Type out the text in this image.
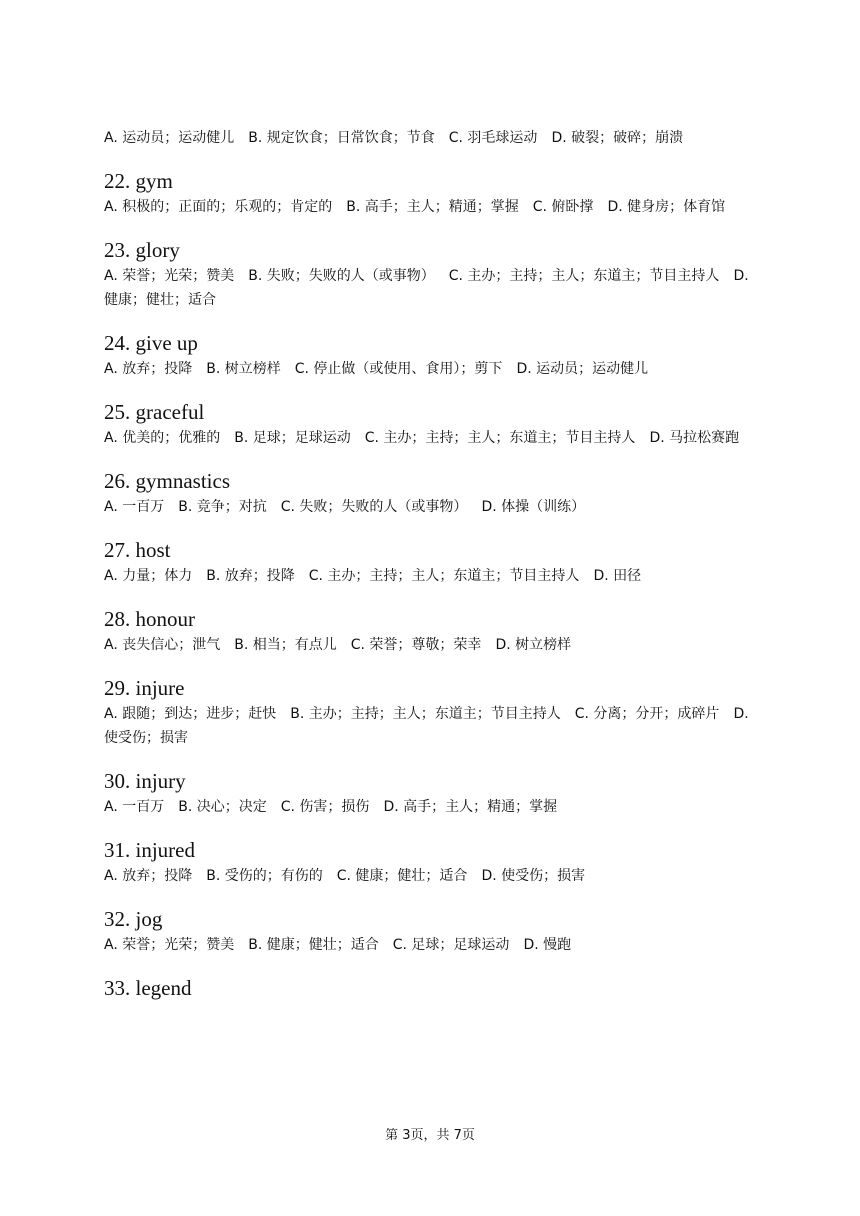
A. 运动员；运动健儿 B. 规定饮食；日常饮食；节食 C. 羽毛球运动 D. 破裂；破碎；崩溃

22. gym

A. 积极的；正面的；乐观的；肯定的 B. 高手；主人；精通；掌握 C. 俯卧撑 D. 健身房；体育馆

23. glory

A. 荣誉；光荣；赞美 B. 失败；失败的人（或事物） C. 主办；主持；主人；东道主；节目主持人 D. 健康；健壮；适合

24. give up

A. 放弃；投降 B. 树立榜样 C. 停止做（或使用、食用）；剪下 D. 运动员；运动健儿

25. graceful

A. 优美的；优雅的 B. 足球；足球运动 C. 主办；主持；主人；东道主；节目主持人 D. 马拉松赛跑

26. gymnastics

A. 一百万 B. 竞争；对抗 C. 失败；失败的人（或事物） D. 体操（训练）

27. host

A. 力量；体力 B. 放弃；投降 C. 主办；主持；主人；东道主；节目主持人 D. 田径

28. honour

A. 丧失信心；泄气 B. 相当；有点儿 C. 荣誉；尊敬；荣幸 D. 树立榜样

29. injure

A. 跟随；到达；进步；赶快 B. 主办；主持；主人；东道主；节目主持人 C. 分离；分开；成碎片 D. 使受伤；损害

30. injury

A. 一百万 B. 决心；决定 C. 伤害；损伤 D. 高手；主人；精通；掌握

31. injured

A. 放弃；投降 B. 受伤的；有伤的 C. 健康；健壮；适合 D. 使受伤；损害

32. jog

A. 荣誉；光荣；赞美 B. 健康；健壮；适合 C. 足球；足球运动 D. 慢跑

33. legend
第 3页，共 7页
